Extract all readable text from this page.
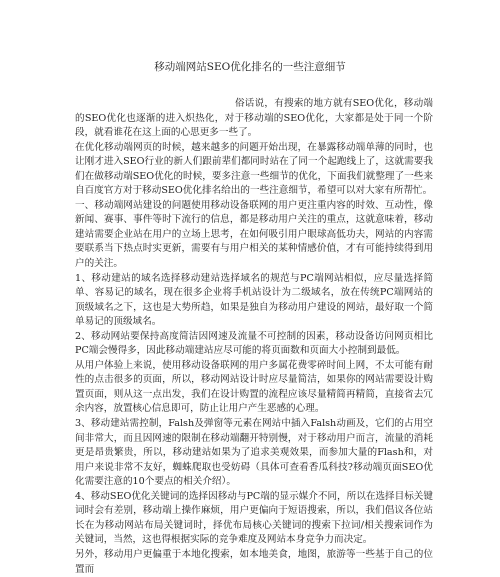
移动端网站SEO优化排名的一些注意细节

俗话说，有搜索的地方就有SEO优化，移动端的SEO优化也逐渐的进入炽热化，对于移动端的SEO优化，大家都是处于同一个阶段，就看谁花在这上面的心思更多一些了。

在优化移动端网页的时候，越来越多的问题开始出现，在暴露移动端单薄的同时，也让刚才进入SEO行业的新人们跟前辈们都同时站在了同一个起跑线上了，这就需要我们在做移动端SEO优化的时候，要多注意一些细节的优化，下面我们就整理了一些来自百度官方对于移动SEO优化排名给出的一些注意细节，希望可以对大家有所帮忙。

一、移动端网站建设的问题使用移动设备联网的用户更注重内容的时效、互动性，像新闻、赛事、事件等时下流行的信息，都是移动用户关注的重点，这就意味着，移动建站需要企业站在用户的立场上思考，在如何吸引用户眼球高低功夫，网站的内容需要联系当下热点时实更新，需要有与用户相关的某种情感价值，才有可能持续得到用户的关注。

1、移动建站的域名选择移动建站选择域名的规范与PC端网站相似，应尽量选择简单、容易记的域名，现在很多企业将手机站设计为二级域名，放在传统PC端网站的顶级域名之下，这也是大势所趋，如果是独自为移动用户建设的网站，最好取一个简单易记的顶级域名。

2、移动网站要保持高度简洁因网速及流量不可控制的因素，移动设备访问网页相比PC端会慢得多，因此移动端建站应尽可能的将页面数和页面大小控制到最低。

从用户体验上来说，使用移动设备联网的用户多属花费零碎时间上网，不太可能有耐性的点击很多的页面，所以，移动网站设计时应尽量简洁，如果你的网站需要设计购置页面，则从这一点出发，我们在设计购置的流程应该尽量精简再精简，直接省去冗余内容，放置核心信息即可，防止让用户产生恶感的心理。

3、移动建站需控制，Falsh及弹窗等元素在网站中插入Falsh动画及，它们的占用空间非常大，而且因网速的限制在移动端翻开特别慢，对于移动用户而言，流量的消耗更是昂贵繁贵，所以，移动建站如果为了追求美观效果，而参加大量的Flash和，对用户来说非常不友好，蜘蛛爬取也受妨碍（具体可查看香瓜科技?移动端页面SEO优化需要注意的10个要点的相关介绍）。

4、移动SEO优化关键词的选择因移动与PC端的显示媒介不同，所以在选择目标关键词时会有差别，移动端上操作麻烦，用户更偏向于短语搜索，所以，我们倡议各位站长在为移动网站布局关键词时，择优布局核心关键词的搜索下拉词/相关搜索词作为关键词，当然，这也得根据实际的竞争难度及网站本身竞争力而决定。

另外，移动用户更偏重于本地化搜索，如本地美食，地图，旅游等一些基于自己的位置而
